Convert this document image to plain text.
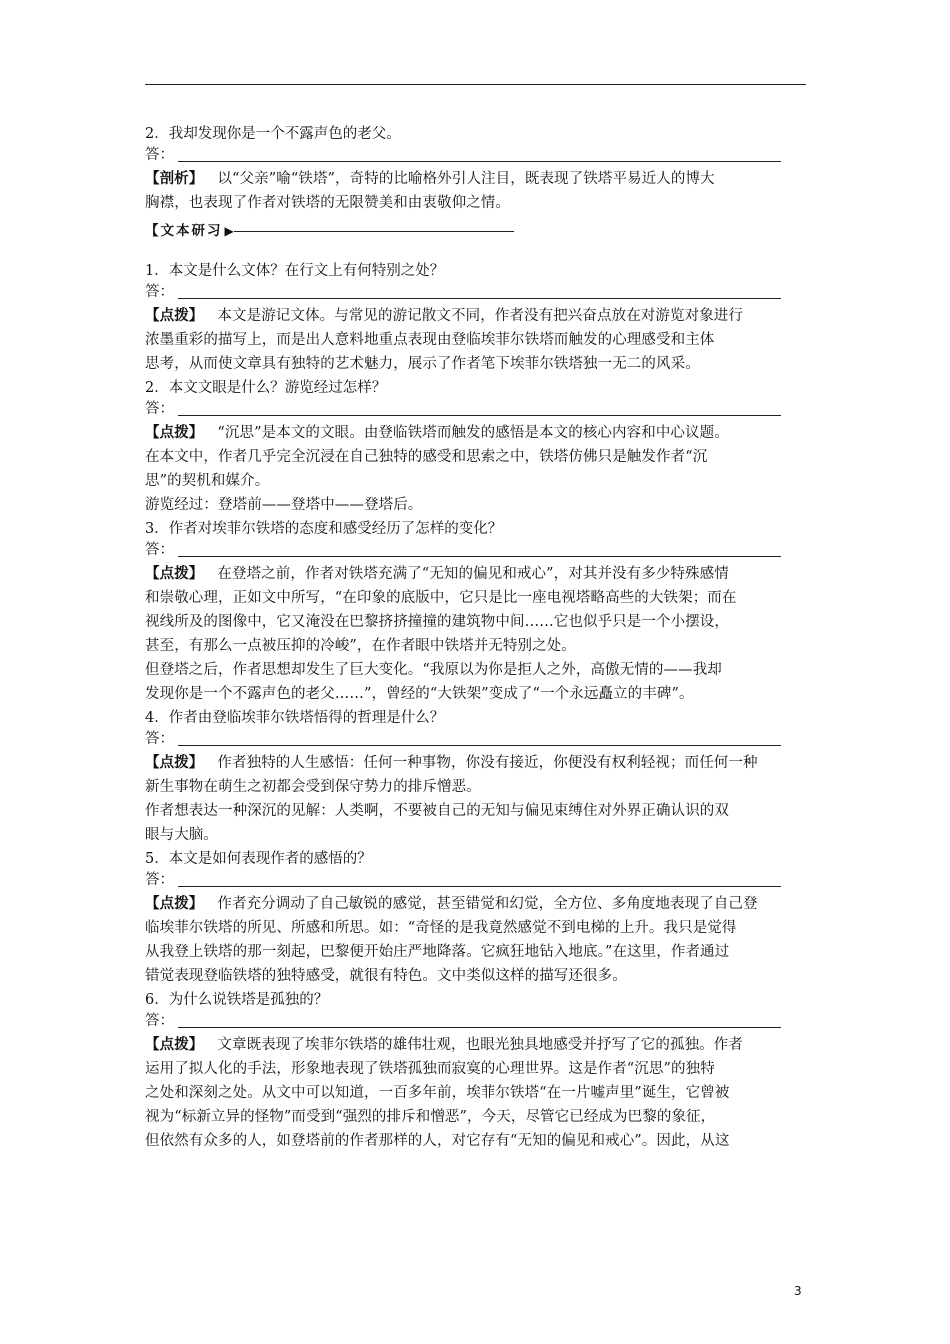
2．我却发现你是一个不露声色的老父。
答：
【剖析】 以“父亲”喻“铁塔”，奇特的比喻格外引人注目，既表现了铁塔平易近人的博大
胸襟，也表现了作者对铁塔的无限赞美和由衷敬仰之情。
【文本研习 ▶
1．本文是什么文体？在行文上有何特别之处？
答：
【点拨】 本文是游记文体。与常见的游记散文不同，作者没有把兴奋点放在对游览对象进行
浓墨重彩的描写上，而是出人意料地重点表现由登临埃菲尔铁塔而触发的心理感受和主体
思考，从而使文章具有独特的艺术魅力，展示了作者笔下埃菲尔铁塔独一无二的风采。
2．本文文眼是什么？游览经过怎样？
答：
【点拨】 “沉思”是本文的文眼。由登临铁塔而触发的感悟是本文的核心内容和中心议题。
在本文中，作者几乎完全沉浸在自己独特的感受和思索之中，铁塔仿佛只是触发作者“沉
思”的契机和媒介。
游览经过：登塔前——登塔中——登塔后。
3．作者对埃菲尔铁塔的态度和感受经历了怎样的变化？
答：
【点拨】 在登塔之前，作者对铁塔充满了“无知的偏见和戒心”，对其并没有多少特殊感情
和崇敬心理，正如文中所写，“在印象的底版中，它只是比一座电视塔略高些的大铁架；而在
视线所及的图像中，它又淹没在巴黎挤挤撞撞的建筑物中间……它也似乎只是一个小摆设，
甚至，有那么一点被压抑的冷峻”，在作者眼中铁塔并无特别之处。
但登塔之后，作者思想却发生了巨大变化。“我原以为你是拒人之外，高傲无情的——我却
发现你是一个不露声色的老父……”，曾经的“大铁架”变成了“一个永远矗立的丰碑”。
4．作者由登临埃菲尔铁塔悟得的哲理是什么？
答：
【点拨】 作者独特的人生感悟：任何一种事物，你没有接近，你便没有权利轻视；而任何一种
新生事物在萌生之初都会受到保守势力的排斥憎恶。
作者想表达一种深沉的见解：人类啊，不要被自己的无知与偏见束缚住对外界正确认识的双
眼与大脑。
5．本文是如何表现作者的感悟的？
答：
【点拨】 作者充分调动了自己敏锐的感觉，甚至错觉和幻觉，全方位、多角度地表现了自己登
临埃菲尔铁塔的所见、所感和所思。如：“奇怪的是我竟然感觉不到电梯的上升。我只是觉得
从我登上铁塔的那一刻起，巴黎便开始庄严地降落。它疯狂地钻入地底。”在这里，作者通过
错觉表现登临铁塔的独特感受，就很有特色。文中类似这样的描写还很多。
6．为什么说铁塔是孤独的？
答：
【点拨】 文章既表现了埃菲尔铁塔的雄伟壮观，也眼光独具地感受并抒写了它的孤独。作者
运用了拟人化的手法，形象地表现了铁塔孤独而寂寞的心理世界。这是作者“沉思”的独特
之处和深刻之处。从文中可以知道，一百多年前，埃菲尔铁塔“在一片嘘声里”诞生，它曾被
视为“标新立异的怪物”而受到“强烈的排斥和憎恶”，今天，尽管它已经成为巴黎的象征，
但依然有众多的人，如登塔前的作者那样的人，对它存有“无知的偏见和戒心”。因此，从这
3
